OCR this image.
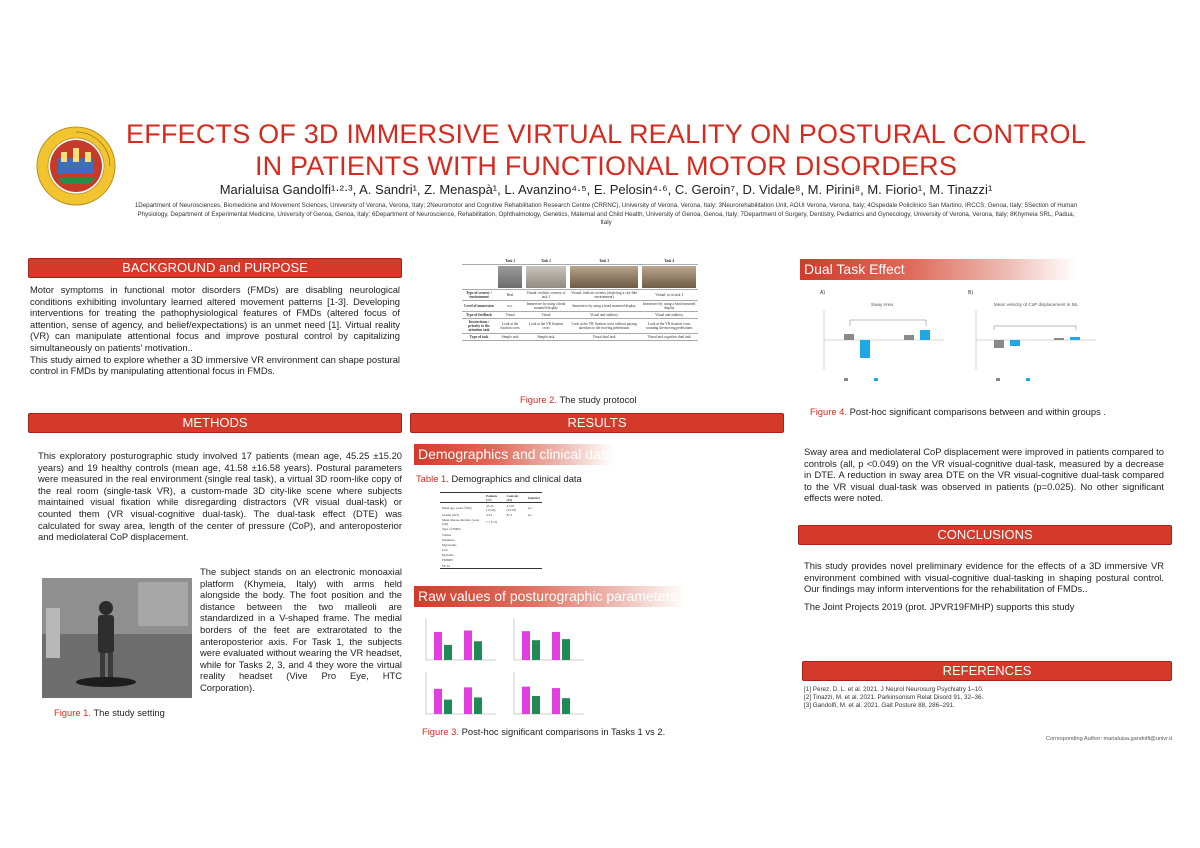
EFFECTS OF 3D IMMERSIVE VIRTUAL REALITY ON POSTURAL CONTROL
IN PATIENTS WITH FUNCTIONAL MOTOR DISORDERS
Marialuisa Gandolfi¹·²·³, A. Sandri¹, Z. Menaspà¹, L. Avanzino⁴·⁵, E. Pelosin⁴·⁶, C. Geroin⁷, D. Vidale⁸, M. Pirini⁸, M. Fiorio¹, M. Tinazzi¹
1Department of Neurosciences, Biomedicine and Movement Sciences, University of Verona, Verona, Italy; 2Neuromotor and Cognitive Rehabilitation Research Centre (CRRNC), University of Verona, Verona, Italy; 3Neurorehabilitation Unit, AOUI Verona, Verona, Italy; 4Ospedale Policlinico San Martino, IRCCS, Genoa, Italy; 5Section of Human Physiology, Department of Experimental Medicine, University of Genoa, Genoa, Italy; 6Department of Neuroscience, Rehabilitation, Ophthalmology, Genetics, Maternal and Child Health, University of Genoa, Genoa, Italy; 7Department of Surgery, Dentistry, Pediatrics and Gynecology, University of Verona, Verona, Italy; 8Khymeia SRL, Padua, Italy
BACKGROUND and PURPOSE

Motor symptoms in functional motor disorders (FMDs) are disabling neurological conditions exhibiting involuntary learned altered movement patterns [1-3]. Developing interventions for treating the pathophysiological features of FMDs (altered focus of attention, sense of agency, and belief/expectations) is an unmet need [1]. Virtual reality (VR) can manipulate attentional focus and improve postural control by capitalizing simultaneously on patients' motivation..

This study aimed to explore whether a 3D immersive VR environment can shape postural control in FMDs by manipulating attentional focus in FMDs.

METHODS
This exploratory posturographic study involved 17 patients (mean age, 45.25 ±15.20 years) and 19 healthy controls (mean age, 41.58 ±16.58 years). Postural parameters were measured in the real environment (single real task), a virtual 3D room-like copy of the real room (single-task VR), a custom-made 3D city-like scene where subjects maintained visual fixation while disregarding distractors (VR visual dual-task) or counted them (VR visual-cognitive dual-task). The dual-task effect (DTE) was calculated for sway area, length of the center of pressure (CoP), and anteroposterior and mediolateral CoP displacement.
Figure 1. The study setting
The subject stands on an electronic monoaxial platform (Khymeia, Italy) with arms held alongside the body. The foot position and the distance between the two malleoli are standardized in a V-shaped frame. The medial borders of the feet are extrarotated to the anteroposterior axis. For Task 1, the subjects were evaluated without wearing the VR headset, while for Tasks 2, 3, and 4 they wore the virtual reality headset (Vive Pro Eye, HTC Corporation).
	Task 1	Task 2	Task 3	Task 4

Type of scenery / environment	Real	Virtual: realistic scenery of task 1	Virtual: realistic scenery (depicting a city-like environment)	Virtual: as in task 3
Level of immersion	n.a.	Immersive by using a head mounted display	Immersive by using a head mounted display	Immersive by using a head mounted display
Type of feedback	Visual	Visual	Visual and auditory	Visual and auditory
Instructions / priority to the attention task	Look at the fixation cross	Look at the VR fixation cross	Look at the VR fixation cross without paying attention to the moving pedestrians	Look at the VR fixation cross counting the moving pedestrians
Type of task	Simple task	Simple task	Visual dual task	Visual and cognitive dual task
Figure 2. The study protocol
RESULTS
Demographics and clinical data
Table 1. Demographics and clinical data
	Patients (17)	Controls (19)	Statistics
Mean age, years (±SD)	45.25 (15.20)	41.58 (16.58)	n.s.
Gender (m/f)	3/14	8/11	n.s.
Mean disease duration, years (SD)	7.7 (7.2)		
Type of FMDs			
Tremor			
Weakness			
Myoclonus			
Gait			
Dystonia			
PMDRS			
SF-36			
Raw values of posturographic parameters
Figure 3. Post-hoc significant comparisons in Tasks 1 vs 2.
Dual Task Effect
A)	B)
Sway Area	Mean velocity of CoP displacement in ML
Figure 4. Post-hoc significant comparisons between and within groups .
Sway area and mediolateral CoP displacement were improved in patients compared to controls (all, p <0.049) on the VR visual-cognitive dual-task, measured by a decrease in DTE. A reduction in sway area DTE on the VR visual-cognitive dual-task compared to the VR visual dual-task was observed in patients (p=0.025). No other significant effects were noted.
CONCLUSIONS

This study provides novel preliminary evidence for the effects of a 3D immersive VR environment combined with visual-cognitive dual-tasking in shaping postural control. Our findings may inform interventions for the rehabilitation of FMDs..

The Joint Projects 2019 (prot. JPVR19FMHP) supports this study

REFERENCES
[1] Perez, D. L. et al. 2021. J Neurol Neurosurg Psychiatry 1–10.
[2] Tinazzi, M. et al. 2021. Parkinsonism Relat Disord 91, 32–36.
[3] Gandolfi, M. et al. 2021. Gait Posture 88, 286–291.
Corresponding Author: marialuisa.gandolfi@univr.it
